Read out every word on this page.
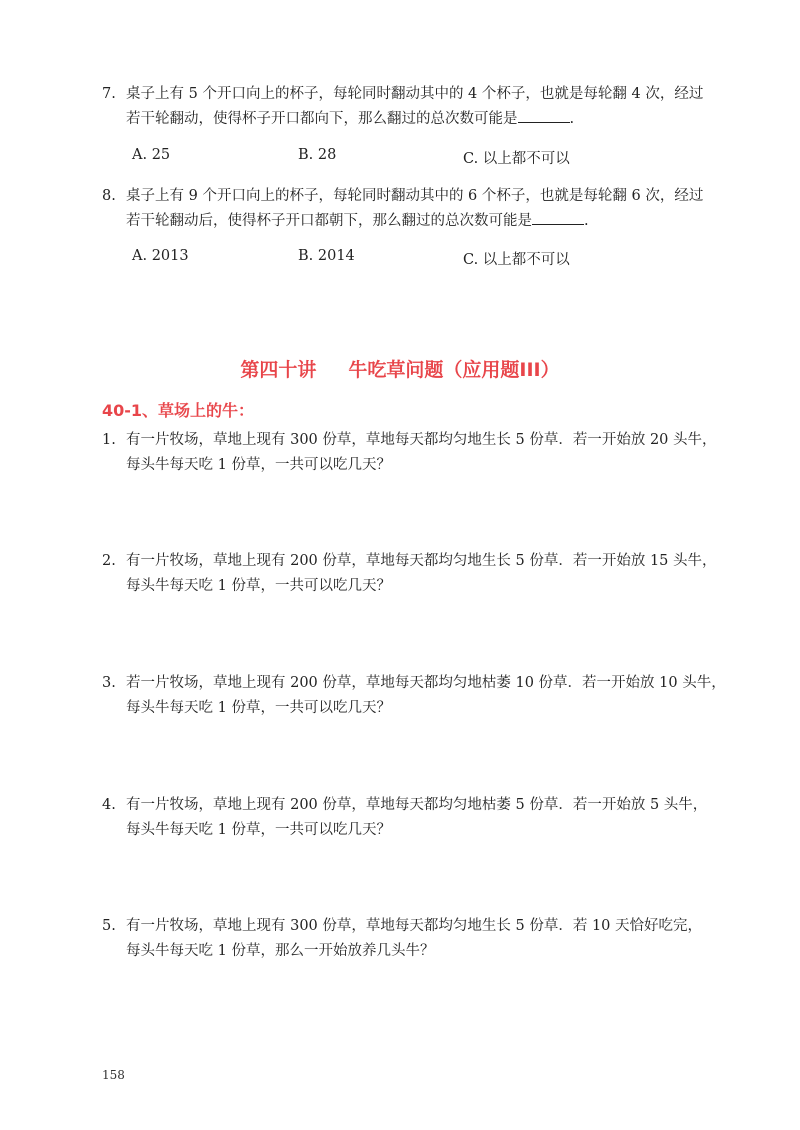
7. 桌子上有 5 个开口向上的杯子，每轮同时翻动其中的 4 个杯子，也就是每轮翻 4 次，经过
若干轮翻动，使得杯子开口都向下，那么翻过的总次数可能是	.
A. 25	B. 28	C. 以上都不可以
8. 桌子上有 9 个开口向上的杯子，每轮同时翻动其中的 6 个杯子，也就是每轮翻 6 次，经过
若干轮翻动后，使得杯子开口都朝下，那么翻过的总次数可能是	.
A. 2013	B. 2014	C. 以上都不可以
第四十讲 牛吃草问题（应用题III）
40-1、草场上的牛：
1. 有一片牧场，草地上现有 300 份草，草地每天都均匀地生长 5 份草．若一开始放 20 头牛，
每头牛每天吃 1 份草，一共可以吃几天？
2. 有一片牧场，草地上现有 200 份草，草地每天都均匀地生长 5 份草．若一开始放 15 头牛，
每头牛每天吃 1 份草，一共可以吃几天？
3. 若一片牧场，草地上现有 200 份草，草地每天都均匀地枯萎 10 份草．若一开始放 10 头牛，
每头牛每天吃 1 份草，一共可以吃几天？
4. 有一片牧场，草地上现有 200 份草，草地每天都均匀地枯萎 5 份草．若一开始放 5 头牛，
每头牛每天吃 1 份草，一共可以吃几天？
5. 有一片牧场，草地上现有 300 份草，草地每天都均匀地生长 5 份草．若 10 天恰好吃完，
每头牛每天吃 1 份草，那么一开始放养几头牛？
158
